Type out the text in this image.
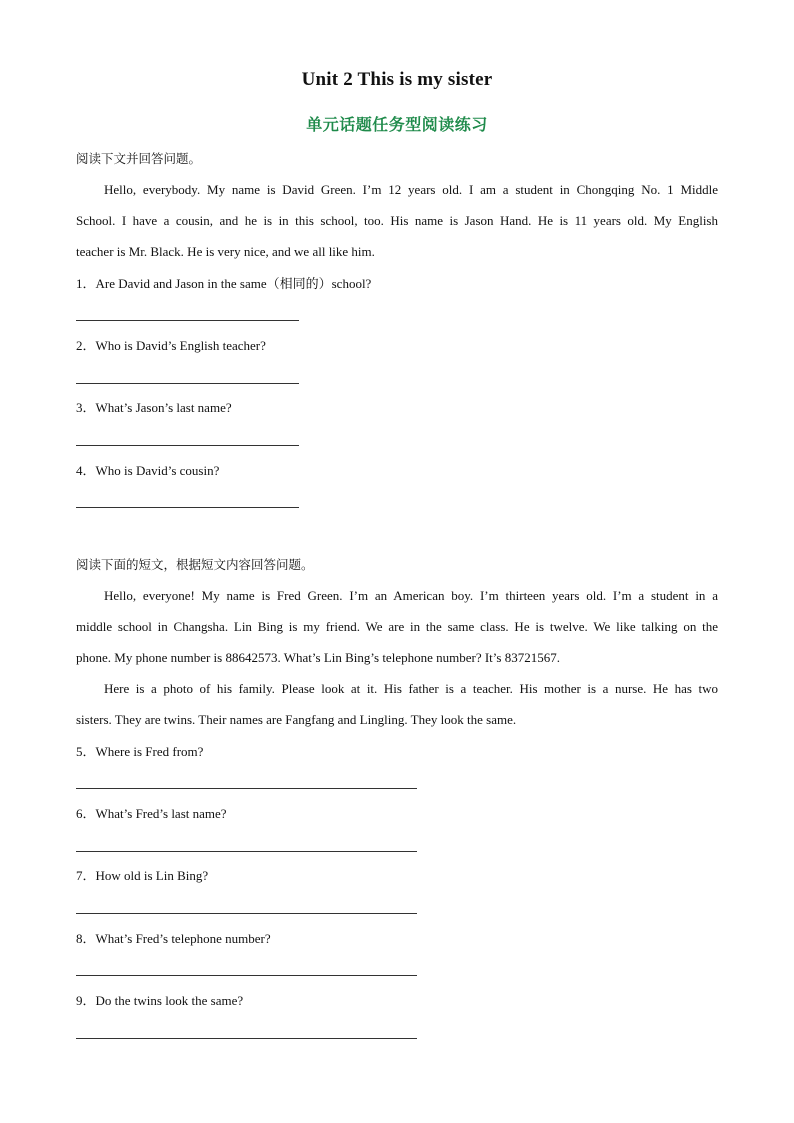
Unit 2 This is my sister
单元话题任务型阅读练习
阅读下文并回答问题。
Hello, everybody. My name is David Green. I’m 12 years old. I am a student in Chongqing No. 1 Middle
School. I have a cousin, and he is in this school, too. His name is Jason Hand. He is 11 years old. My English
teacher is Mr. Black. He is very nice, and we all like him.
1．Are David and Jason in the same（相同的）school?
2．Who is David’s English teacher?
3．What’s Jason’s last name?
4．Who is David’s cousin?
阅读下面的短文，根据短文内容回答问题。
Hello, everyone! My name is Fred Green. I’m an American boy. I’m thirteen years old. I’m a student in a
middle school in Changsha. Lin Bing is my friend. We are in the same class. He is twelve. We like talking on the
phone. My phone number is 88642573. What’s Lin Bing’s telephone number? It’s 83721567.
Here is a photo of his family. Please look at it. His father is a teacher. His mother is a nurse. He has two
sisters. They are twins. Their names are Fangfang and Lingling. They look the same.
5．Where is Fred from?
6．What’s Fred’s last name?
7．How old is Lin Bing?
8．What’s Fred’s telephone number?
9．Do the twins look the same?
